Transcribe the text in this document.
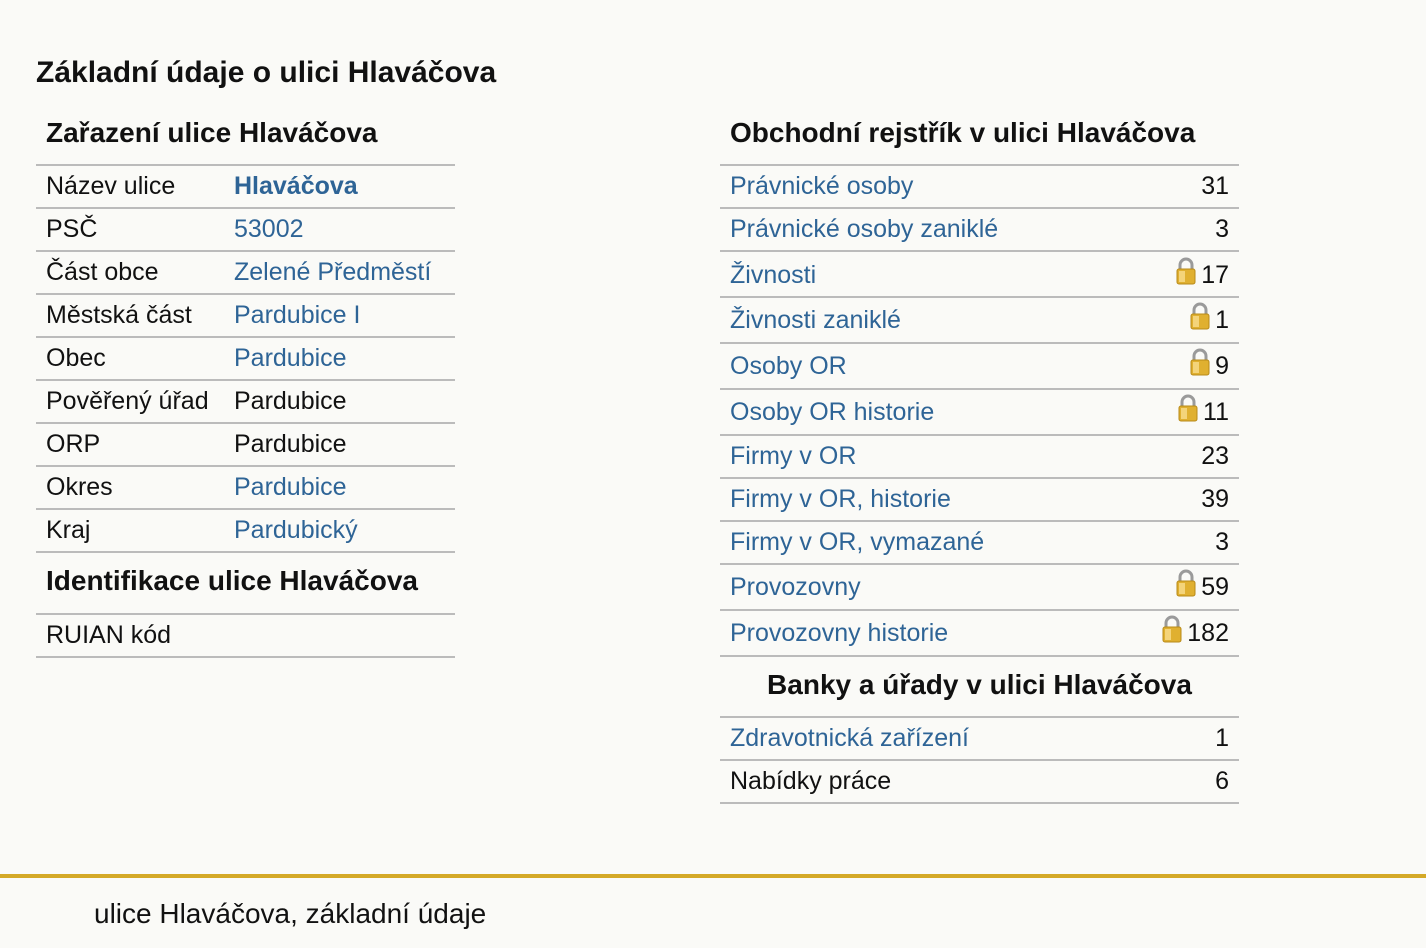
Základní údaje o ulici Hlaváčova
Zařazení ulice Hlaváčova
Název ulice	Hlaváčova
PSČ	53002
Část obce	Zelené Předměstí
Městská část	Pardubice I
Obec	Pardubice
Pověřený úřad	Pardubice
ORP	Pardubice
Okres	Pardubice
Kraj	Pardubický
Identifikace ulice Hlaváčova
RUIAN kód
Obchodní rejstřík v ulici Hlaváčova
Právnické osoby	31
Právnické osoby zaniklé	3
Živnosti	17
Živnosti zaniklé	1
Osoby OR	9
Osoby OR historie	11
Firmy v OR	23
Firmy v OR, historie	39
Firmy v OR, vymazané	3
Provozovny	59
Provozovny historie	182
Banky a úřady v ulici Hlaváčova
Zdravotnická zařízení	1
Nabídky práce	6
ulice Hlaváčova, základní údaje
